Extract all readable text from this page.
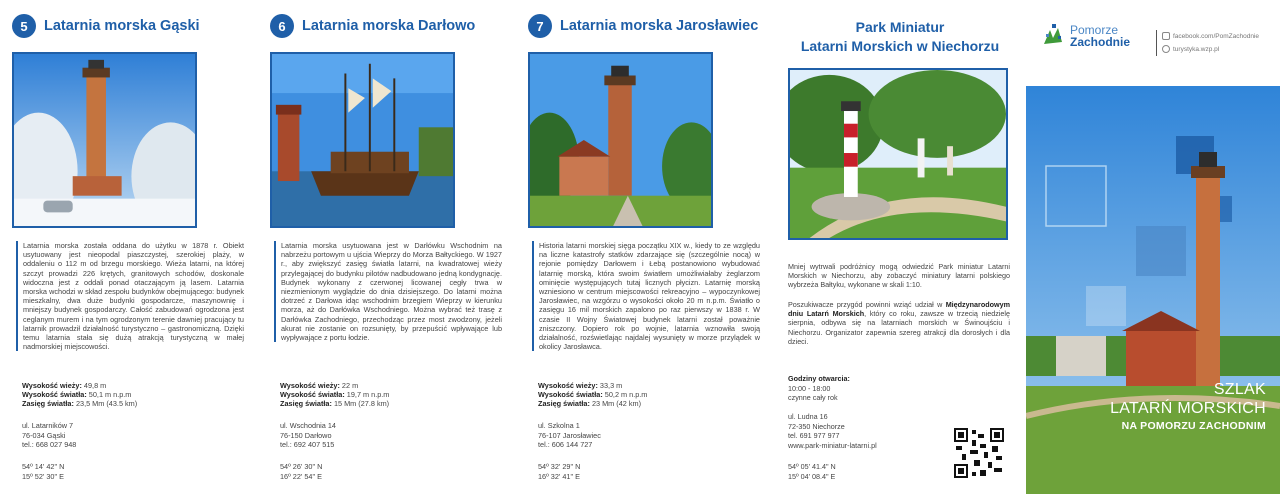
5	Latarnia morska Gąski
Latarnia morska została oddana do użytku w 1878 r. Obiekt usytuowany jest nieopodal piaszczystej, szerokiej plaży, w oddaleniu o 112 m od brzegu morskiego. Wieża latarni, na której szczyt prowadzi 226 krętych, granitowych schodów, doskonale widoczna jest z oddali ponad otaczającym ją lasem. Latarnia morska wchodzi w skład zespołu budynków obejmującego: budynek mieszkalny, dwa duże budynki gospodarcze, maszynownię i mniejszy budynek gospodarczy. Całość zabudowań ogrodzona jest ceglanym murem i na tym ogrodzonym terenie dawniej pracujący tu latarnik prowadził działalność turystyczno – gastronomiczną. Dzięki temu latarnia stała się dużą atrakcją turystyczną w małej nadmorskiej miejscowości.
Wysokość wieży: 49,8 m
Wysokość światła: 50,1 m n.p.m
Zasięg światła: 23,5 Mm (43.5 km)
ul. Latarników 7
76-034 Gąski
tel.: 668 027 948
54º 14' 42" N
15º 52' 30" E
6	Latarnia morska Darłowo
Latarnia morska usytuowana jest w Darłówku Wschodnim na nabrzeżu portowym u ujścia Wieprzy do Morza Bałtyckiego. W 1927 r., aby zwiększyć zasięg światła latarni, na kwadratowej wieży przylegającej do budynku pilotów nadbudowano jedną kondygnację. Budynek wykonany z czerwonej licowanej cegły trwa w niezmienionym wyglądzie do dnia dzisiejszego. Do latarni można dotrzeć z Darłowa idąc wschodnim brzegiem Wieprzy w kierunku morza, aż do Darłówka Wschodniego. Można wybrać też trasę z Darłówka Zachodniego, przechodząc przez most zwodzony, jeżeli akurat nie zostanie on rozsunięty, by przepuścić wpływające lub wypływające z portu łodzie.
Wysokość wieży: 22 m
Wysokość światła: 19,7 m n.p.m
Zasięg światła: 15 Mm (27.8 km)
ul. Wschodnia 14
76-150 Darłowo
tel.: 692 407 515
54º 26' 30" N
16º 22' 54" E
7	Latarnia morska Jarosławiec
Historia latarni morskiej sięga początku XIX w., kiedy to ze względu na liczne katastrofy statków zdarzające się (szczególnie nocą) w rejonie pomiędzy Darłowem i Łebą postanowiono wybudować latarnię morską, która swoim światłem umożliwiałaby żeglarzom ominięcie występujących tutaj licznych płycizn. Latarnię morską wzniesiono w centrum miejscowości rekreacyjno – wypoczynkowej Jarosławiec, na wzgórzu o wysokości około 20 m n.p.m. Światło o zasięgu 16 mil morskich zapalono po raz pierwszy w 1838 r. W czasie II Wojny Światowej budynek latarni został poważnie zniszczony. Dopiero rok po wojnie, latarnia wznowiła swoją działalność, rozświetlając najdalej wysunięty w morze przylądek w okolicy Jarosławca.
Wysokość wieży: 33,3 m
Wysokość światła: 50,2 m n.p.m
Zasięg światła: 23 Mm (42 km)
ul. Szkolna 1
76-107 Jarosławiec
tel.: 606 144 727
54º 32' 29" N
16º 32' 41" E
Park Miniatur
Latarni Morskich w Niechorzu
Mniej wytrwali podróżnicy mogą odwiedzić Park miniatur Latarni Morskich w Niechorzu, aby zobaczyć miniatury latarni polskiego wybrzeża Bałtyku, wykonane w skali 1:10.
Poszukiwacze przygód powinni wziąć udział w Międzynarodowym dniu Latarń Morskich, który co roku, zawsze w trzecią niedzielę sierpnia, odbywa się na latarniach morskich w Świnoujściu i Niechorzu. Organizator zapewnia szereg atrakcji dla dorosłych i dla dzieci.
Godziny otwarcia:
10:00 - 18:00
czynne cały rok
ul. Ludna 16
72-350 Niechorze
tel. 691 977 977
www.park-miniatur-latarni.pl
54º 05' 41.4" N
15º 04' 08.4" E
Pomorze
Zachodnie	facebook.com/PomZachodnie
turystyka.wzp.pl
SZLAK
LATARŃ MORSKICH
NA POMORZU ZACHODNIM
